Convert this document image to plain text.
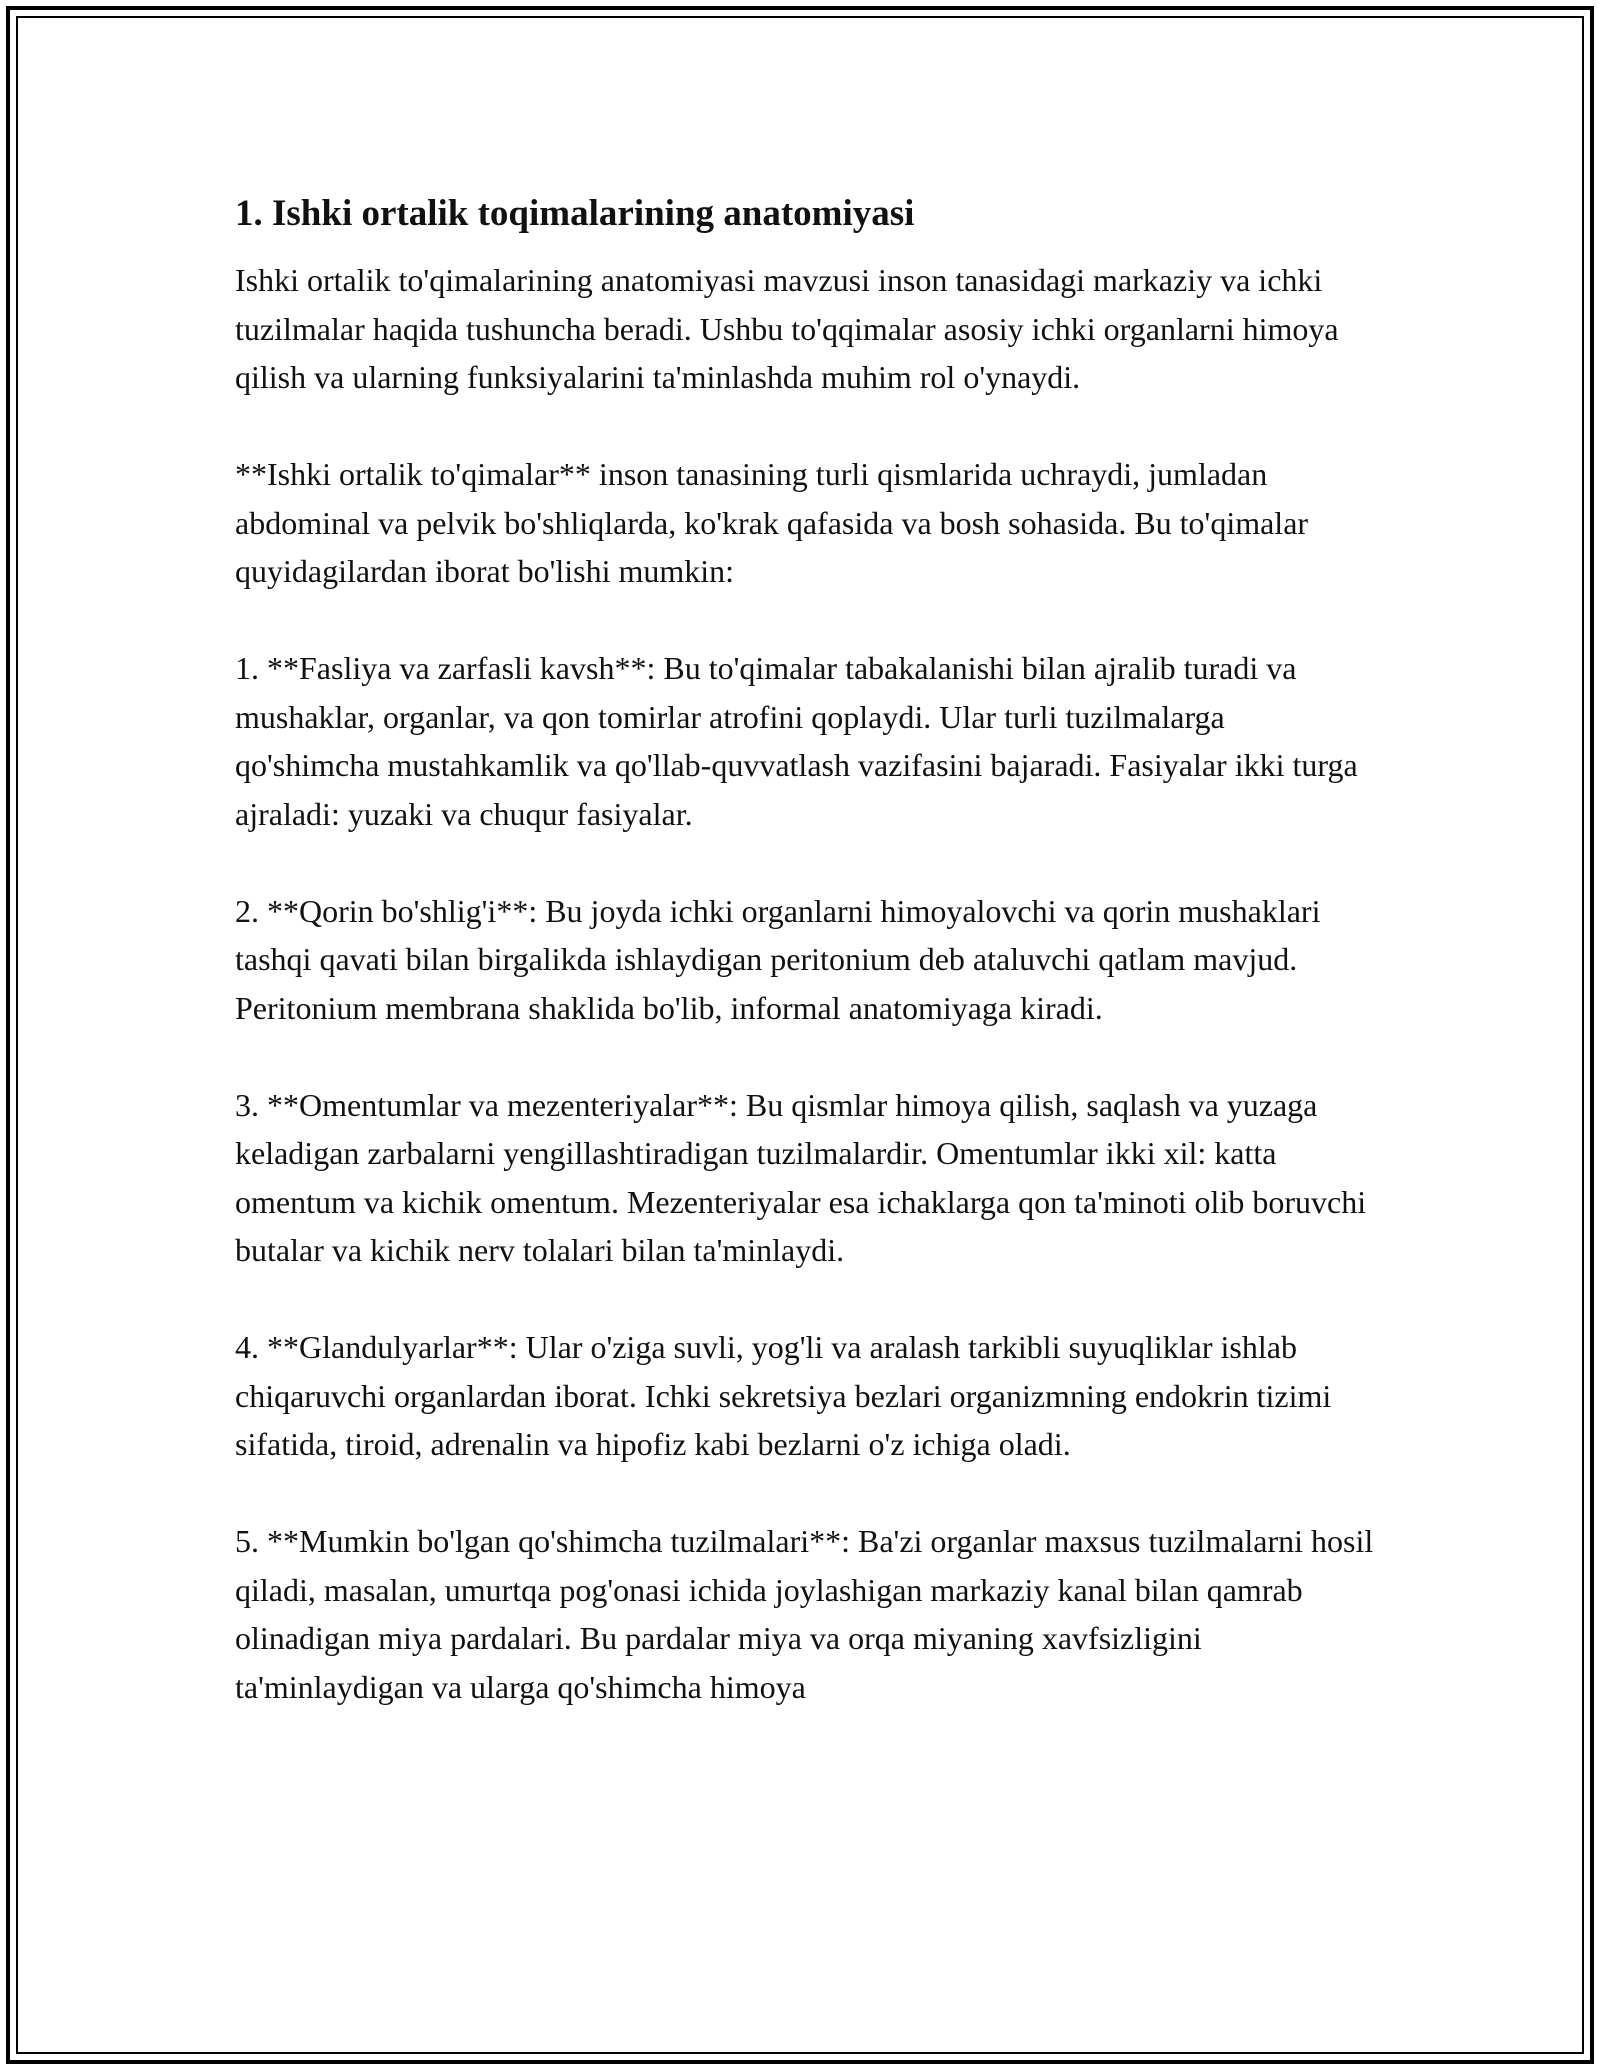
1. Ishki ortalik toqimalarining anatomiyasi

Ishki ortalik to'qimalarining anatomiyasi mavzusi inson tanasidagi markaziy va ichki tuzilmalar haqida tushuncha beradi. Ushbu to'qqimalar asosiy ichki organlarni himoya qilish va ularning funksiyalarini ta'minlashda muhim rol o'ynaydi.

**Ishki ortalik to'qimalar** inson tanasining turli qismlarida uchraydi, jumladan abdominal va pelvik bo'shliqlarda, ko'krak qafasida va bosh sohasida. Bu to'qimalar quyidagilardan iborat bo'lishi mumkin:

1. **Fasliya va zarfasli kavsh**: Bu to'qimalar tabakalanishi bilan ajralib turadi va mushaklar, organlar, va qon tomirlar atrofini qoplaydi. Ular turli tuzilmalarga qo'shimcha mustahkamlik va qo'llab-quvvatlash vazifasini bajaradi. Fasiyalar ikki turga ajraladi: yuzaki va chuqur fasiyalar.

2. **Qorin bo'shlig'i**: Bu joyda ichki organlarni himoyalovchi va qorin mushaklari tashqi qavati bilan birgalikda ishlaydigan peritonium deb ataluvchi qatlam mavjud. Peritonium membrana shaklida bo'lib, informal anatomiyaga kiradi.

3. **Omentumlar va mezenteriyalar**: Bu qismlar himoya qilish, saqlash va yuzaga keladigan zarbalarni yengillashtiradigan tuzilmalardir. Omentumlar ikki xil: katta omentum va kichik omentum. Mezenteriyalar esa ichaklarga qon ta'minoti olib boruvchi butalar va kichik nerv tolalari bilan ta'minlaydi.

4. **Glandulyarlar**: Ular o'ziga suvli, yog'li va aralash tarkibli suyuqliklar ishlab chiqaruvchi organlardan iborat. Ichki sekretsiya bezlari organizmning endokrin tizimi sifatida, tiroid, adrenalin va hipofiz kabi bezlarni o'z ichiga oladi.

5. **Mumkin bo'lgan qo'shimcha tuzilmalari**: Ba'zi organlar maxsus tuzilmalarni hosil qiladi, masalan, umurtqa pog'onasi ichida joylashigan markaziy kanal bilan qamrab olinadigan miya pardalari. Bu pardalar miya va orqa miyaning xavfsizligini ta'minlaydigan va ularga qo'shimcha himoya
